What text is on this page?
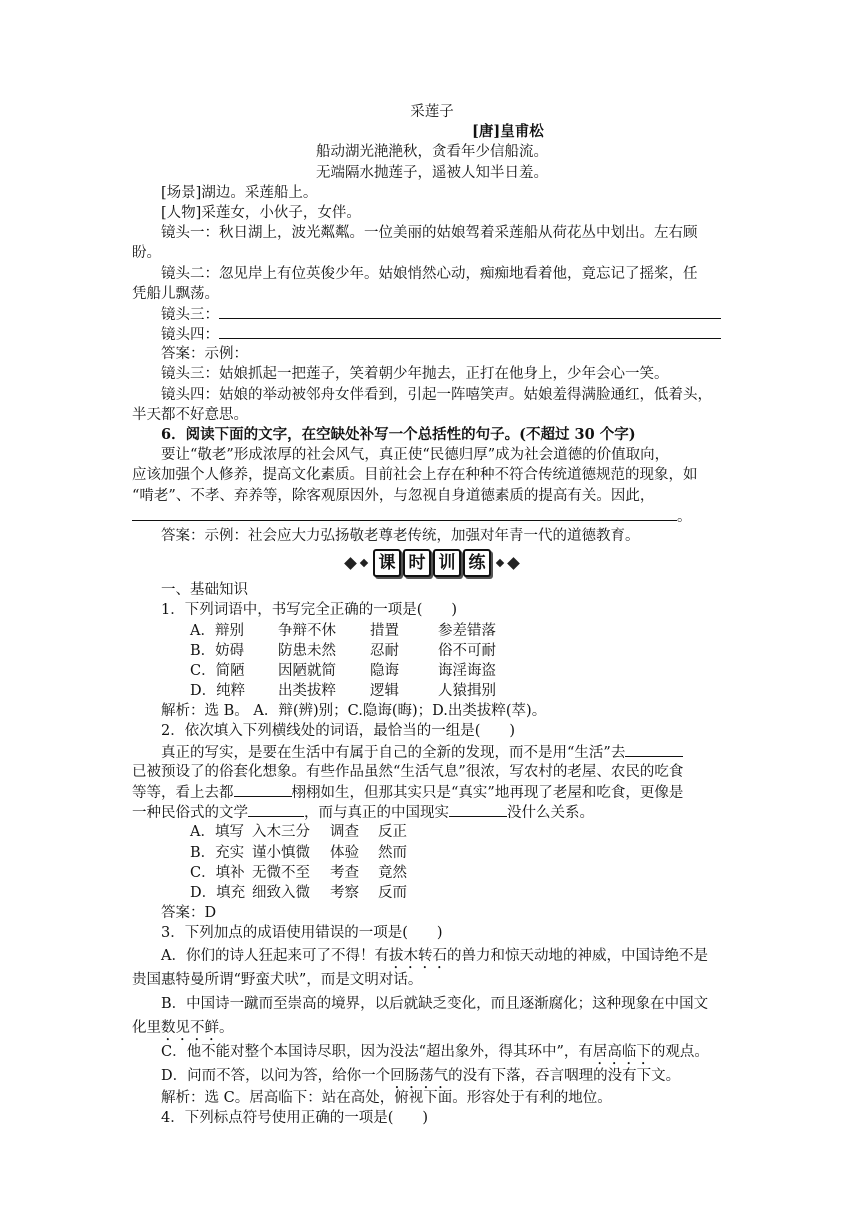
采莲子
[唐]皇甫松
船动湖光滟滟秋，贪看年少信船流。
无端隔水抛莲子，遥被人知半日羞。
[场景]湖边。采莲船上。
[人物]采莲女，小伙子，女伴。
镜头一：秋日湖上，波光粼粼。一位美丽的姑娘驾着采莲船从荷花丛中划出。左右顾
盼。
镜头二：忽见岸上有位英俊少年。姑娘悄然心动，痴痴地看着他，竟忘记了摇桨，任
凭船儿飘荡。
镜头三：
镜头四：
答案：示例：
镜头三：姑娘抓起一把莲子，笑着朝少年抛去，正打在他身上，少年会心一笑。
镜头四：姑娘的举动被邻舟女伴看到，引起一阵嘻笑声。姑娘羞得满脸通红，低着头，
半天都不好意思。
6．阅读下面的文字，在空缺处补写一个总括性的句子。(不超过 30 个字)
要让“敬老”形成浓厚的社会风气，真正使“民德归厚”成为社会道德的价值取向，
应该加强个人修养，提高文化素质。目前社会上存在种种不符合传统道德规范的现象，如
“啃老”、不孝、弃养等，除客观原因外，与忽视自身道德素质的提高有关。因此，
。
答案：示例：社会应大力弘扬敬老尊老传统，加强对年青一代的道德教育。
课 时 训 练
一、基础知识
1．下列词语中，书写完全正确的一项是(　　)
A．辩别 争辩不休 措置	参差错落
B．妨碍 防患未然 忍耐	俗不可耐
C．简陋 因陋就简 隐诲	诲淫诲盗
D．纯粹 出类拔粹 逻辑	人猿揖别
解析：选 B。 A．辩(辨)别；C.隐诲(晦)；D.出类拔粹(萃)。
2．依次填入下列横线处的词语，最恰当的一组是(　　)
真正的写实，是要在生活中有属于自己的全新的发现，而不是用“生活”去
已被预设了的俗套化想象。有些作品虽然“生活气息”很浓，写农村的老屋、农民的吃食
等等，看上去都	栩栩如生，但那其实只是“真实”地再现了老屋和吃食，更像是
一种民俗式的文学	，而与真正的中国现实	没什么关系。
A．填写 入木三分 调查 反正
B．充实 谨小慎微 体验 然而
C．填补 无微不至 考查 竟然
D．填充 细致入微 考察 反而
答案：D
3．下列加点的成语使用错误的一项是(　　)
A．你们的诗人狂起来可了不得！有拔木转石的兽力和惊天动地的神威，中国诗绝不是
贵国惠特曼所谓“野蛮犬吠”，而是文明对话。
B．中国诗一蹴而至崇高的境界，以后就缺乏变化，而且逐渐腐化；这种现象在中国文
化里数见不鲜。
C．他不能对整个本国诗尽职，因为没法“超出象外，得其环中”，有居高临下的观点。
D．问而不答，以问为答，给你一个回肠荡气的没有下落，吞言咽理的没有下文。
解析：选 C。居高临下：站在高处，俯视下面。形容处于有利的地位。
4．下列标点符号使用正确的一项是(　　)
